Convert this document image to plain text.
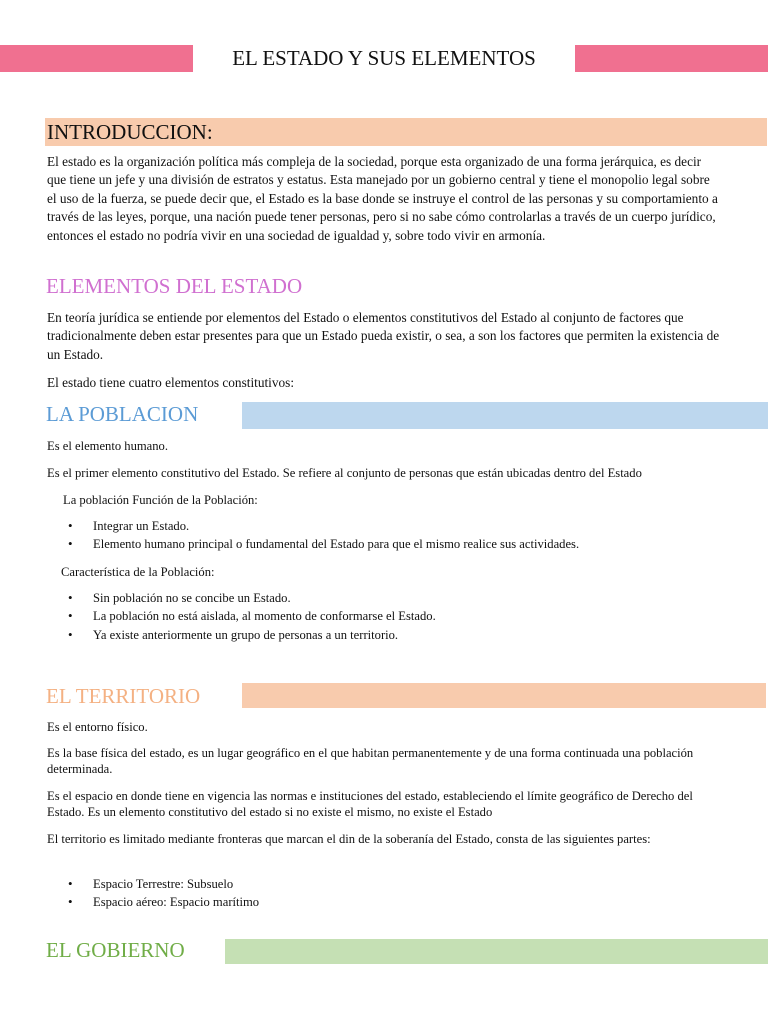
EL ESTADO Y SUS ELEMENTOS
INTRODUCCION:

El estado es la organización política más compleja de la sociedad, porque esta organizado de una forma jerárquica, es decir que tiene un jefe y una división de estratos y estatus. Esta manejado por un gobierno central y tiene el monopolio legal sobre el uso de la fuerza, se puede decir que, el Estado es la base donde se instruye el control de las personas y su comportamiento a través de las leyes, porque, una nación puede tener personas, pero si no sabe cómo controlarlas a través de un cuerpo jurídico, entonces el estado no podría vivir en una sociedad de igualdad y, sobre todo vivir en armonía.

ELEMENTOS DEL ESTADO

En teoría jurídica se entiende por elementos del Estado o elementos constitutivos del Estado al conjunto de factores que tradicionalmente deben estar presentes para que un Estado pueda existir, o sea, a son los factores que permiten la existencia de un Estado.

El estado tiene cuatro elementos constitutivos:

LA POBLACION

Es el elemento humano.

Es el primer elemento constitutivo del Estado. Se refiere al conjunto de personas que están ubicadas dentro del Estado

La población Función de la Población:

• Integrar un Estado.
• Elemento humano principal o fundamental del Estado para que el mismo realice sus actividades.

Característica de la Población:

• Sin población no se concibe un Estado.
• La población no está aislada, al momento de conformarse el Estado.
• Ya existe anteriormente un grupo de personas a un territorio.
EL TERRITORIO

Es el entorno físico.

Es la base física del estado, es un lugar geográfico en el que habitan permanentemente y de una forma continuada una población determinada.

Es el espacio en donde tiene en vigencia las normas e instituciones del estado, estableciendo el límite geográfico de Derecho del Estado. Es un elemento constitutivo del estado si no existe el mismo, no existe el Estado

El territorio es limitado mediante fronteras que marcan el din de la soberanía del Estado, consta de las siguientes partes:

• Espacio Terrestre: Subsuelo
• Espacio aéreo: Espacio marítimo
EL GOBIERNO
